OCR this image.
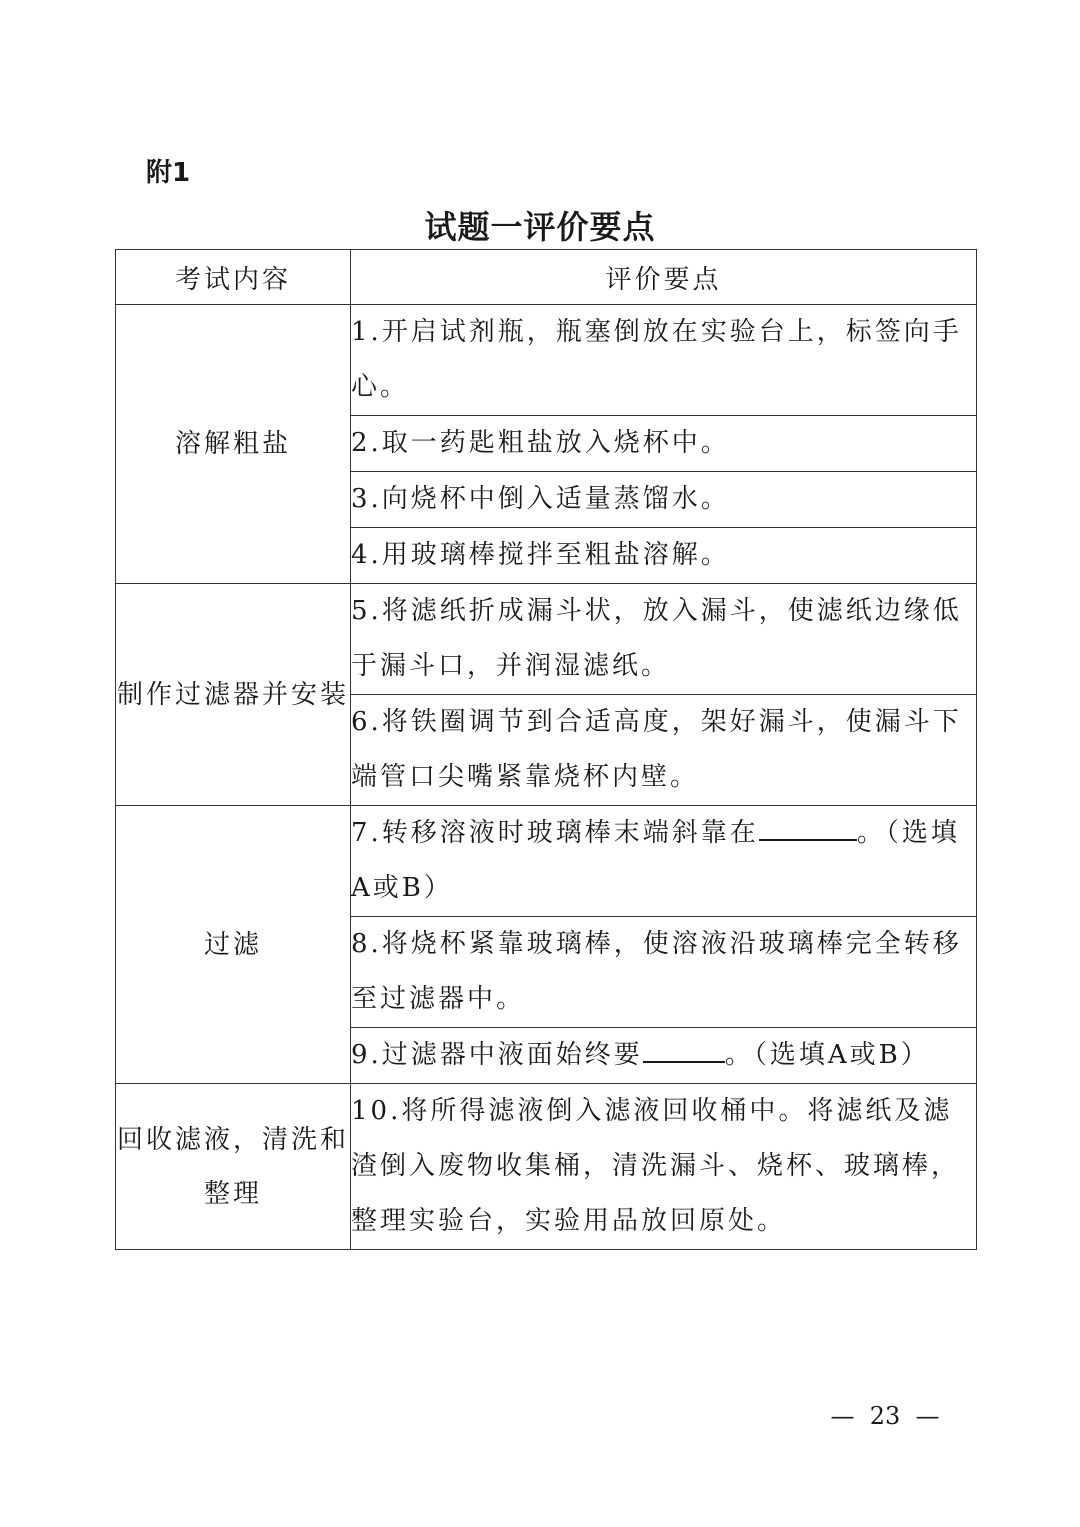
附1
试题一评价要点
考试内容	评价要点
溶解粗盐	1.开启试剂瓶，瓶塞倒放在实验台上，标签向手心。
	2.取一药匙粗盐放入烧杯中。
	3.向烧杯中倒入适量蒸馏水。
	4.用玻璃棒搅拌至粗盐溶解。
制作过滤器并安装	5.将滤纸折成漏斗状，放入漏斗，使滤纸边缘低于漏斗口，并润湿滤纸。
	6.将铁圈调节到合适高度，架好漏斗，使漏斗下端管口尖嘴紧靠烧杯内壁。
过滤	7.转移溶液时玻璃棒末端斜靠在 。（选填A或B）
	8.将烧杯紧靠玻璃棒，使溶液沿玻璃棒完全转移至过滤器中。
	9.过滤器中液面始终要 。（选填A或B）
回收滤液，清洗和整理	10.将所得滤液倒入滤液回收桶中。将滤纸及滤渣倒入废物收集桶，清洗漏斗、烧杯、玻璃棒，整理实验台，实验用品放回原处。
—  23  —
